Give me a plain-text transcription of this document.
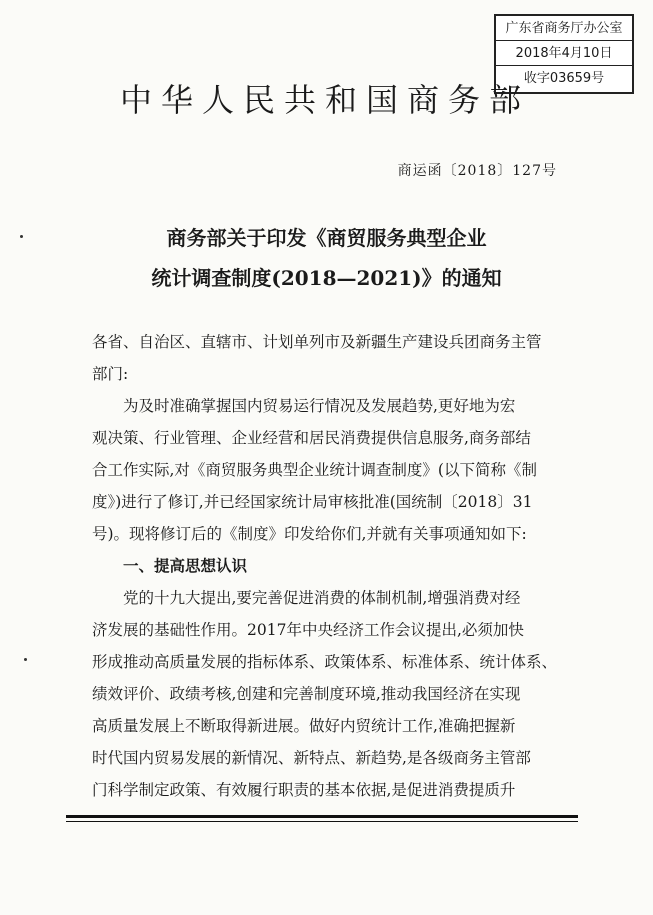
广东省商务厅办公室
2018年4月10日
收字03659号
中华人民共和国商务部
商运函〔2018〕127号
商务部关于印发《商贸服务典型企业
统计调查制度(2018—2021)》的通知
各省、自治区、直辖市、计划单列市及新疆生产建设兵团商务主管
部门:
为及时准确掌握国内贸易运行情况及发展趋势,更好地为宏
观决策、行业管理、企业经营和居民消费提供信息服务,商务部结
合工作实际,对《商贸服务典型企业统计调查制度》(以下简称《制
度》)进行了修订,并已经国家统计局审核批准(国统制〔2018〕31
号)。现将修订后的《制度》印发给你们,并就有关事项通知如下:
一、提高思想认识
党的十九大提出,要完善促进消费的体制机制,增强消费对经
济发展的基础性作用。2017年中央经济工作会议提出,必须加快
形成推动高质量发展的指标体系、政策体系、标准体系、统计体系、
绩效评价、政绩考核,创建和完善制度环境,推动我国经济在实现
高质量发展上不断取得新进展。做好内贸统计工作,准确把握新
时代国内贸易发展的新情况、新特点、新趋势,是各级商务主管部
门科学制定政策、有效履行职责的基本依据,是促进消费提质升
